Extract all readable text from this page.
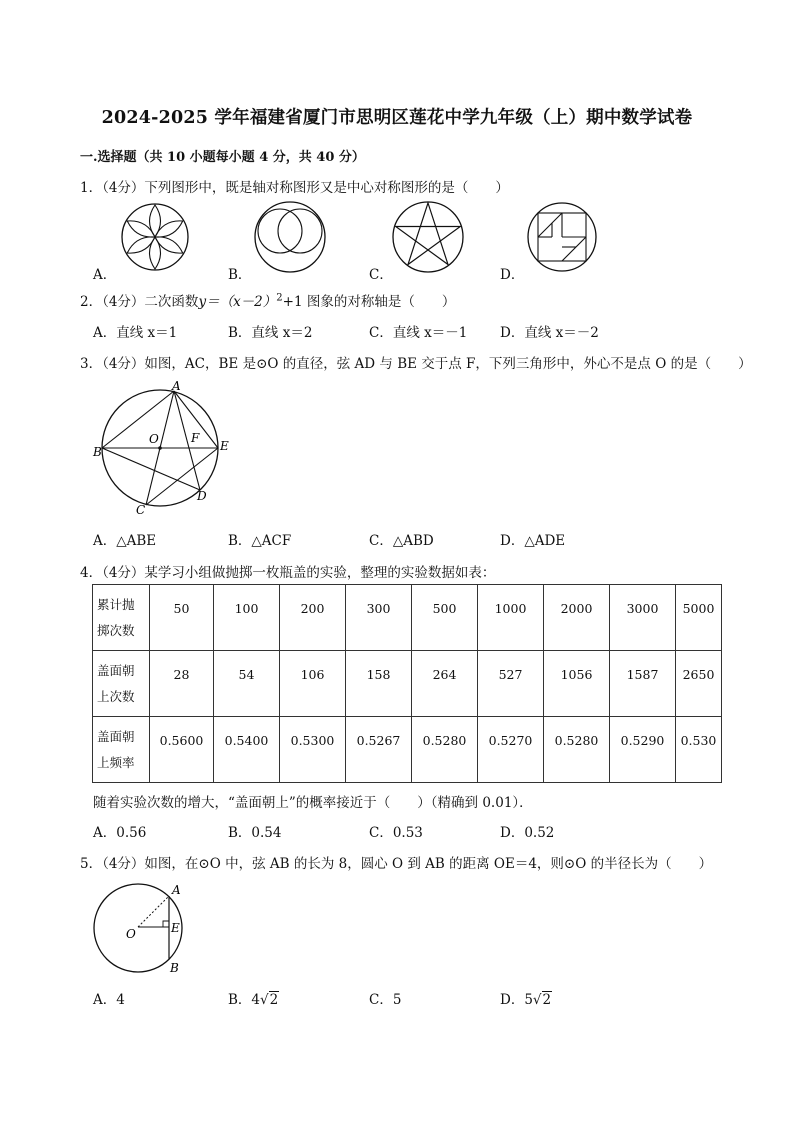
2024-2025 学年福建省厦门市思明区莲花中学九年级（上）期中数学试卷
一.选择题（共 10 小题每小题 4 分，共 40 分）
1．（4分）下列图形中，既是轴对称图形又是中心对称图形的是（　　）
A．	B．	C．	D．
2．（4分）二次函数$y=(x-2)^2+1$ 图象的对称轴是（　　）
A．直线 x＝1	B．直线 x＝2	C．直线 x＝－1 D．直线 x＝－2
3．（4分）如图，AC，BE 是⊙O 的直径，弦 AD 与 BE 交于点 F，下列三角形中，外心不是点 O 的是（　　）
A
B
O	F
E
C
D
A．△ABE	B．△ACF	C．△ABD	D．△ADE
4．（4分）某学习小组做抛掷一枚瓶盖的实验，整理的实验数据如表：
累计抛
掷次数	50	100	200	300	500	1000	2000	3000	5000

盖面朝
上次数	28	54	106	158	264	527	1056	1587	2650

盖面朝
上频率	0.5600	0.5400	0.5300	0.5267	0.5280	0.5270	0.5280	0.5290	0.530
随着实验次数的增大，“盖面朝上”的概率接近于（　　）（精确到 0.01）．
A．0.56	B．0.54	C．0.53	D．0.52
5．（4分）如图，在⊙O 中，弦 AB 的长为 8，圆心 O 到 AB 的距离 OE＝4，则⊙O 的半径长为（　　）
A
O	E
B
A．4	B．4√2	C．5	D．5√2
